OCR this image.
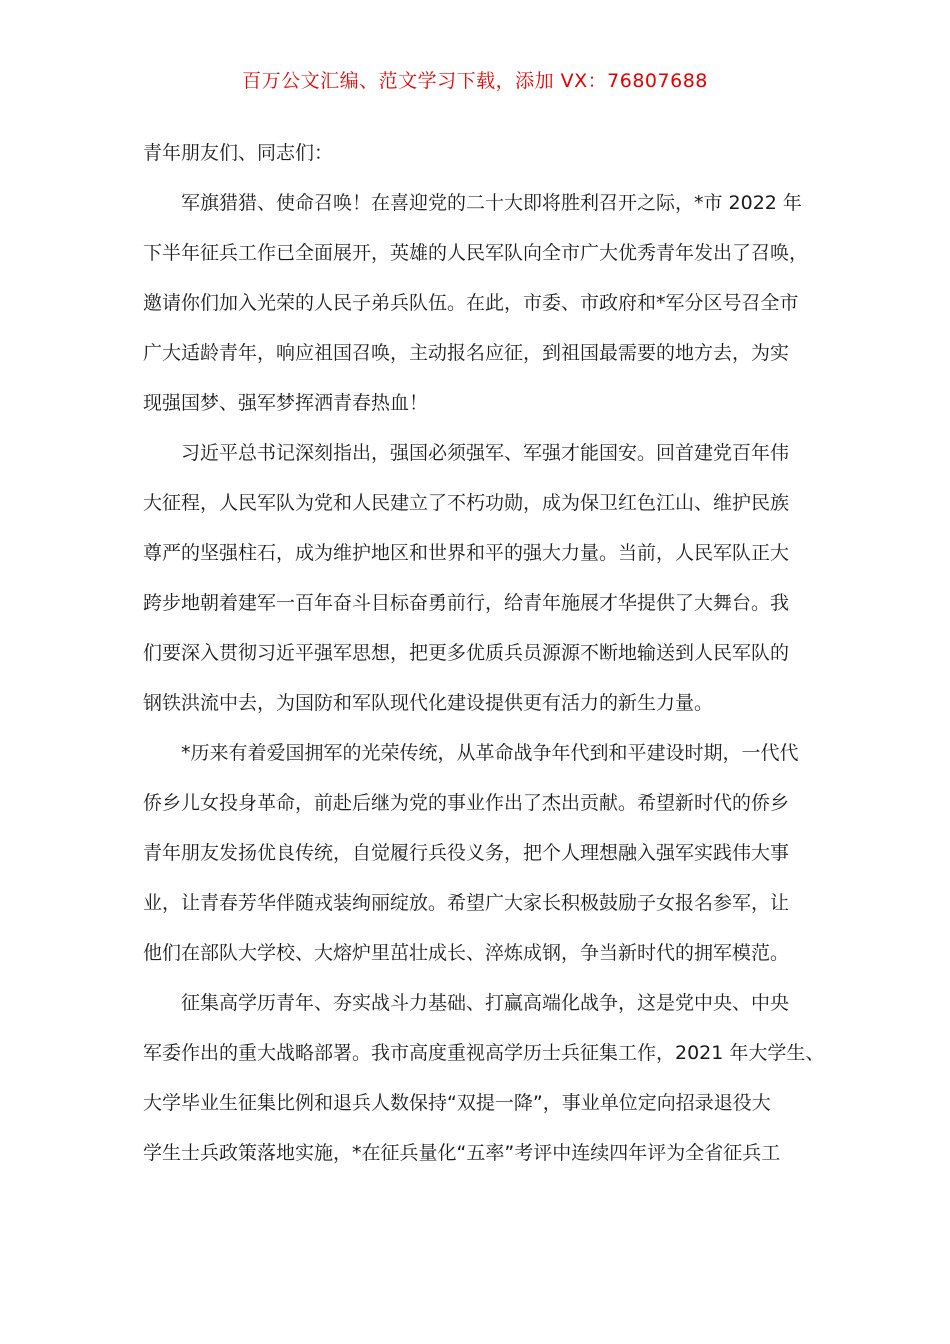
百万公文汇编、范文学习下载，添加 VX：76807688
青年朋友们、同志们：
军旗猎猎、使命召唤！在喜迎党的二十大即将胜利召开之际，*市 2022 年
下半年征兵工作已全面展开，英雄的人民军队向全市广大优秀青年发出了召唤，
邀请你们加入光荣的人民子弟兵队伍。在此，市委、市政府和*军分区号召全市
广大适龄青年，响应祖国召唤，主动报名应征，到祖国最需要的地方去，为实
现强国梦、强军梦挥洒青春热血！
习近平总书记深刻指出，强国必须强军、军强才能国安。回首建党百年伟
大征程，人民军队为党和人民建立了不朽功勋，成为保卫红色江山、维护民族
尊严的坚强柱石，成为维护地区和世界和平的强大力量。当前，人民军队正大
跨步地朝着建军一百年奋斗目标奋勇前行，给青年施展才华提供了大舞台。我
们要深入贯彻习近平强军思想，把更多优质兵员源源不断地输送到人民军队的
钢铁洪流中去，为国防和军队现代化建设提供更有活力的新生力量。
*历来有着爱国拥军的光荣传统，从革命战争年代到和平建设时期，一代代
侨乡儿女投身革命，前赴后继为党的事业作出了杰出贡献。希望新时代的侨乡
青年朋友发扬优良传统，自觉履行兵役义务，把个人理想融入强军实践伟大事
业，让青春芳华伴随戎装绚丽绽放。希望广大家长积极鼓励子女报名参军，让
他们在部队大学校、大熔炉里茁壮成长、淬炼成钢，争当新时代的拥军模范。
征集高学历青年、夯实战斗力基础、打赢高端化战争，这是党中央、中央
军委作出的重大战略部署。我市高度重视高学历士兵征集工作，2021 年大学生、
大学毕业生征集比例和退兵人数保持“双提一降”，事业单位定向招录退役大
学生士兵政策落地实施，*在征兵量化“五率”考评中连续四年评为全省征兵工
